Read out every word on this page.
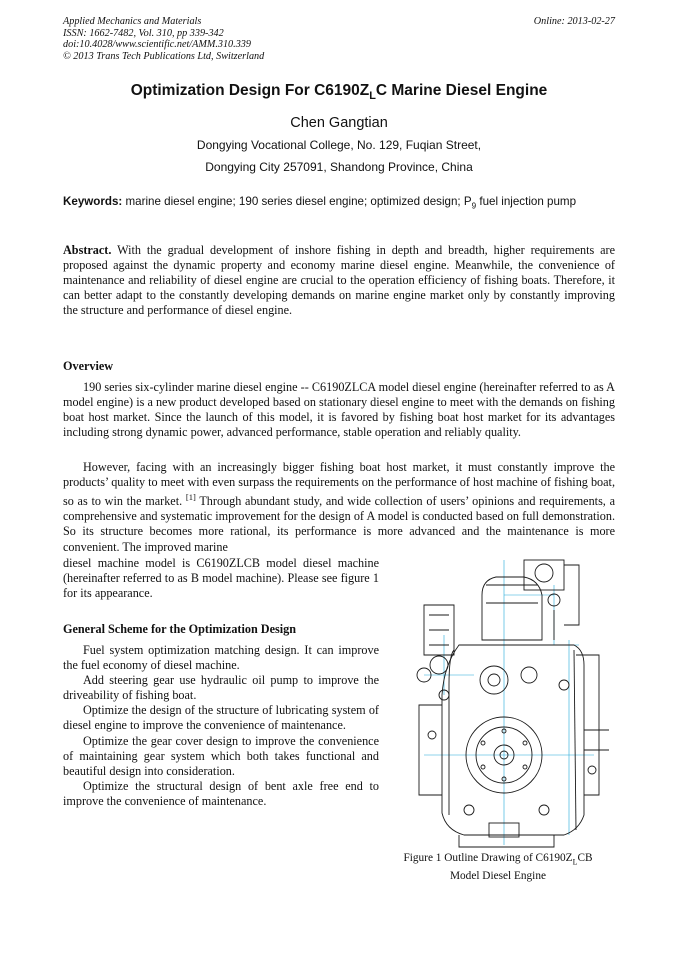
Applied Mechanics and Materials
ISSN: 1662-7482, Vol. 310, pp 339-342
doi:10.4028/www.scientific.net/AMM.310.339
© 2013 Trans Tech Publications Ltd, Switzerland
Online: 2013-02-27
Optimization Design For $C6190Z_LC$ Marine Diesel Engine
Chen Gangtian
Dongying Vocational College, No. 129, Fuqian Street,
Dongying City 257091, Shandong Province, China
Keywords: marine diesel engine; 190 series diesel engine; optimized design; $P_9$ fuel injection pump
Abstract. With the gradual development of inshore fishing in depth and breadth, higher requirements are proposed against the dynamic property and economy marine diesel engine. Meanwhile, the convenience of maintenance and reliability of diesel engine are crucial to the operation efficiency of fishing boats. Therefore, it can better adapt to the constantly developing demands on marine engine market only by constantly improving the structure and performance of diesel engine.
Overview
190 series six-cylinder marine diesel engine -- C6190ZLCA model diesel engine (hereinafter referred to as A model engine) is a new product developed based on stationary diesel engine to meet with the demands on fishing boat host market. Since the launch of this model, it is favored by fishing boat host market for its advantages including strong dynamic power, advanced performance, stable operation and reliably quality.
However, facing with an increasingly bigger fishing boat host market, it must constantly improve the products’ quality to meet with even surpass the requirements on the performance of host machine of fishing boat, so as to win the market. [1] Through abundant study, and wide collection of users’ opinions and requirements, a comprehensive and systematic improvement for the design of A model is conducted based on full demonstration. So its structure becomes more rational, its performance is more advanced and the maintenance is more convenient. The improved marine
diesel machine model is C6190ZLCB model diesel machine (hereinafter referred to as B model machine). Please see figure 1 for its appearance.
General Scheme for the Optimization Design

Fuel system optimization matching design. It can improve the fuel economy of diesel machine.

Add steering gear use hydraulic oil pump to improve the driveability of fishing boat.

Optimize the design of the structure of lubricating system of diesel engine to improve the convenience of maintenance.

Optimize the gear cover design to improve the convenience of maintaining gear system which both takes functional and beautiful design into consideration.

Optimize the structural design of bent axle free end to improve the convenience of maintenance.

Figure 1 Outline Drawing of $C6190Z_LCB$
Model Diesel Engine
